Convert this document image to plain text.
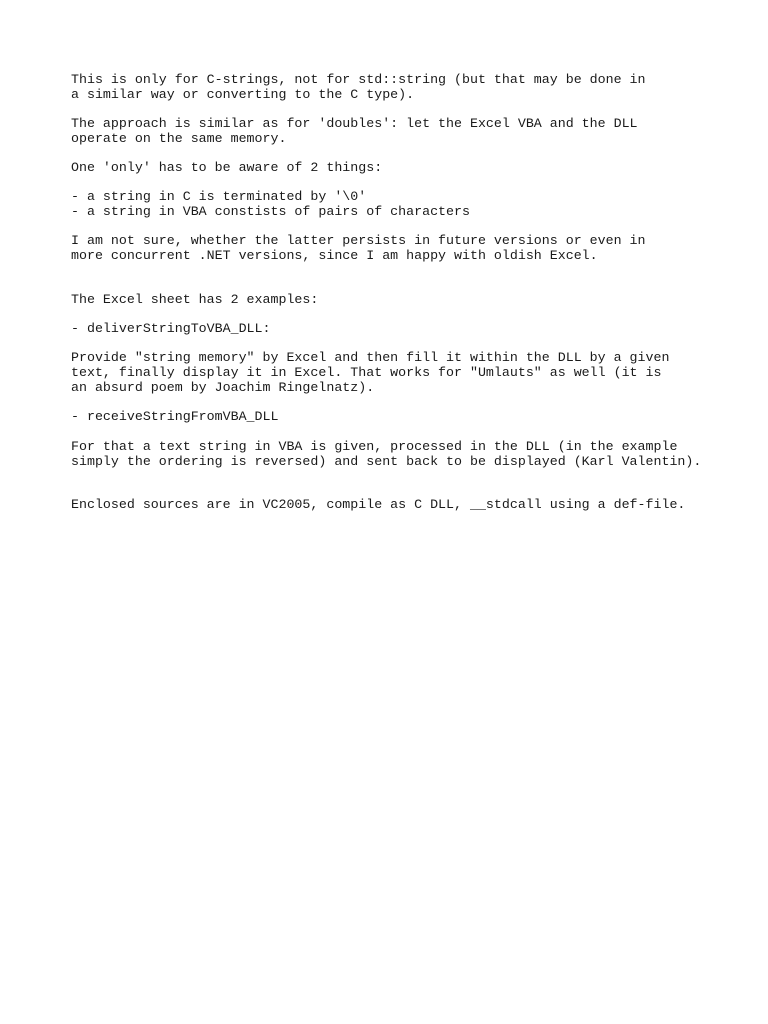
This is only for C-strings, not for std::string (but that may be done in

a similar way or converting to the C type).

The approach is similar as for 'doubles': let the Excel VBA and the DLL

operate on the same memory.

One 'only' has to be aware of 2 things:

- a string in C is terminated by '\0'

- a string in VBA constists of pairs of characters

I am not sure, whether the latter persists in future versions or even in

more concurrent .NET versions, since I am happy with oldish Excel.

The Excel sheet has 2 examples:

- deliverStringToVBA_DLL:

Provide "string memory" by Excel and then fill it within the DLL by a given

text, finally display it in Excel. That works for "Umlauts" as well (it is

an absurd poem by Joachim Ringelnatz).

- receiveStringFromVBA_DLL

For that a text string in VBA is given, processed in the DLL (in the example

simply the ordering is reversed) and sent back to be displayed (Karl Valentin).

Enclosed sources are in VC2005, compile as C DLL, __stdcall using a def-file.
